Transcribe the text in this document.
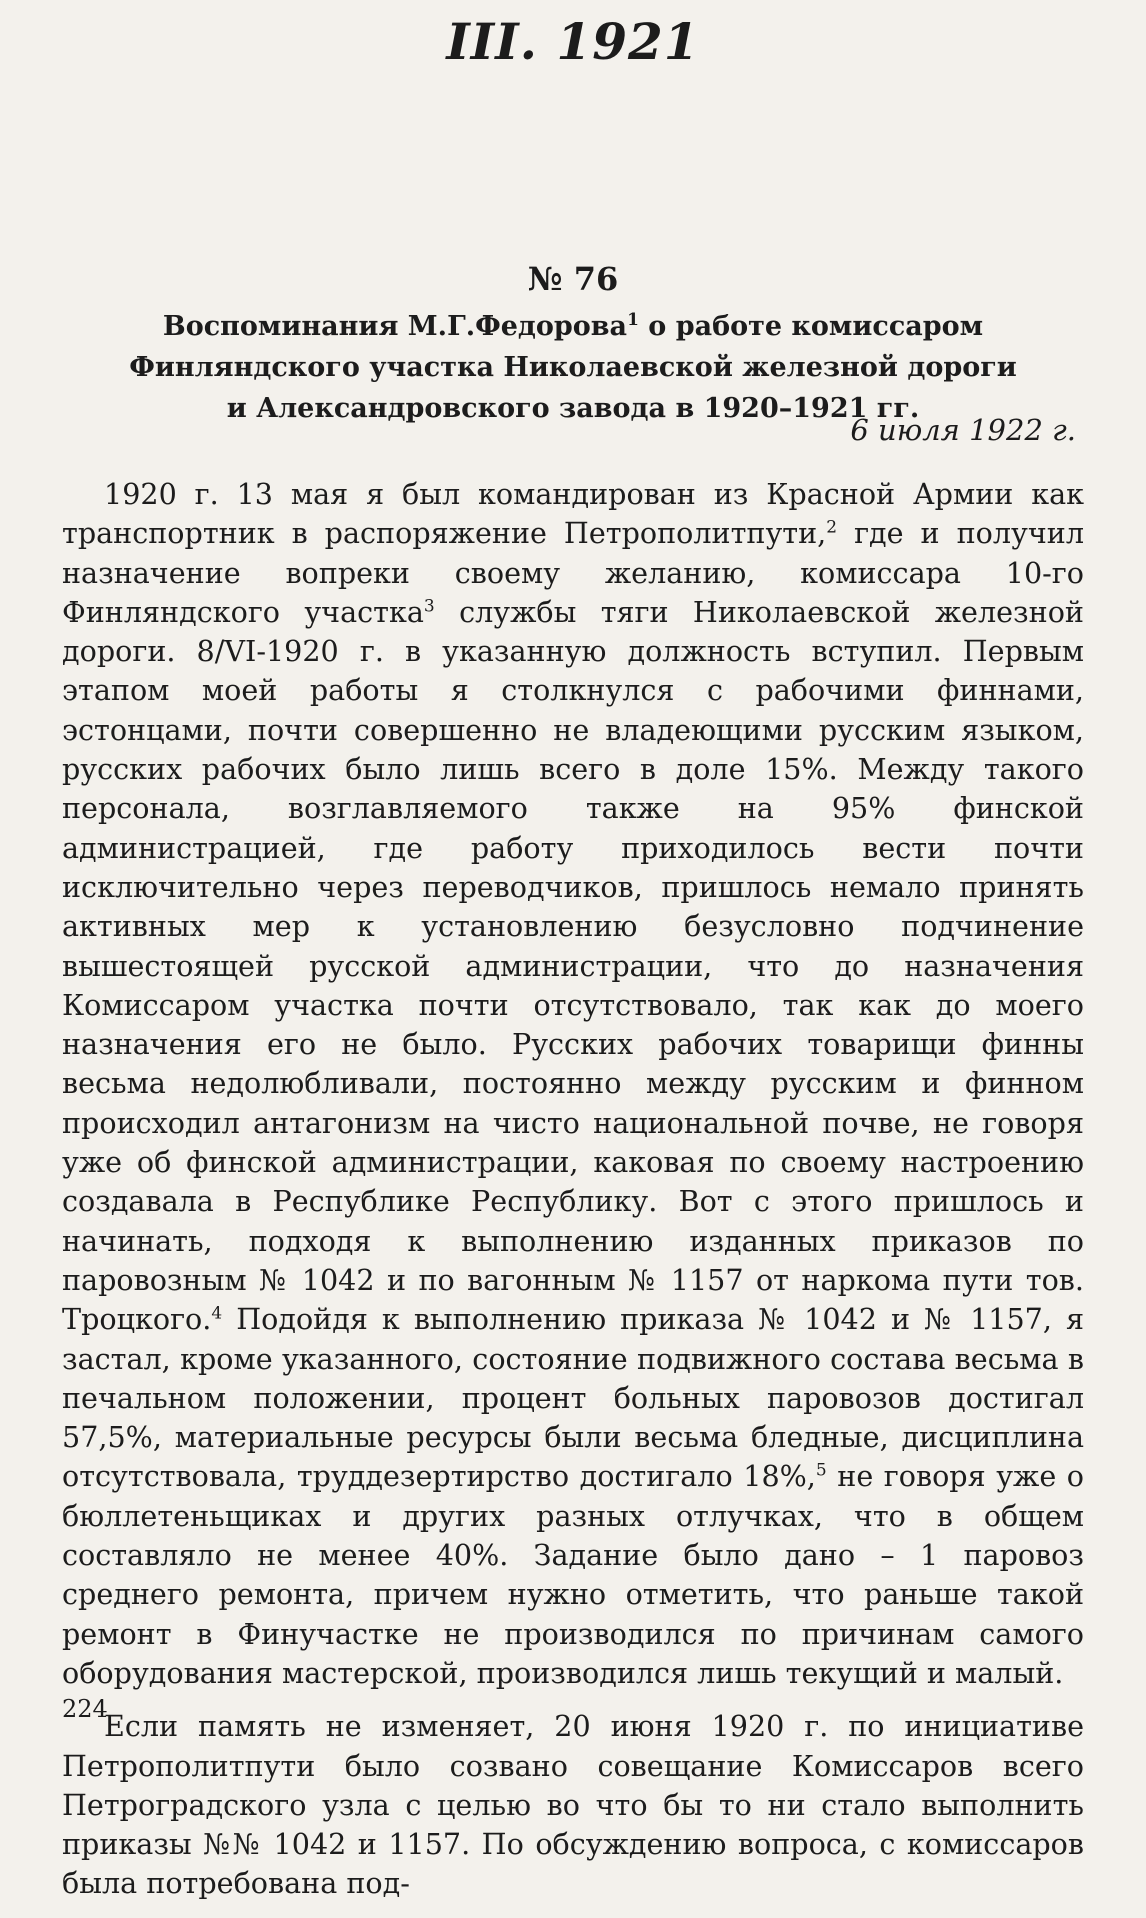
III. 1921
№ 76
Воспоминания М.Г.Федорова$^1$ о работе комиссаром Финляндского участка Николаевской железной дороги и Александровского завода в 1920–1921 гг.
6 июля 1922 г.

1920 г. 13 мая я был командирован из Красной Армии как транспортник в распоряжение Петрополитпути,$^2$ где и получил назначение вопреки своему желанию, комиссара 10-го Финляндского участка$^3$ службы тяги Николаевской железной дороги. 8/VI-1920 г. в указанную должность вступил. Первым этапом моей работы я столкнулся с рабочими финнами, эстонцами, почти совершенно не владеющими русским языком, русских рабочих было лишь всего в доле 15%. Между такого персонала, возглавляемого также на 95% финской администрацией, где работу приходилось вести почти исключительно через переводчиков, пришлось немало принять активных мер к установлению безусловно подчинение вышестоящей русской администрации, что до назначения Комиссаром участка почти отсутствовало, так как до моего назначения его не было. Русских рабочих товарищи финны весьма недолюбливали, постоянно между русским и финном происходил антагонизм на чисто национальной почве, не говоря уже об финской администрации, каковая по своему настроению создавала в Республике Республику. Вот с этого пришлось и начинать, подходя к выполнению изданных приказов по паровозным № 1042 и по вагонным № 1157 от наркома пути тов. Троцкого.$^4$ Подойдя к выполнению приказа № 1042 и № 1157, я застал, кроме указанного, состояние подвижного состава весьма в печальном положении, процент больных паровозов достигал 57,5%, материальные ресурсы были весьма бледные, дисциплина отсутствовала, труддезертирство достигало 18%,$^5$ не говоря уже о бюллетеньщиках и других разных отлучках, что в общем составляло не менее 40%. Задание было дано – 1 паровоз среднего ремонта, причем нужно отметить, что раньше такой ремонт в Финучастке не производился по причинам самого оборудования мастерской, производился лишь текущий и малый.

Если память не изменяет, 20 июня 1920 г. по инициативе Петрополитпути было созвано совещание Комиссаров всего Петроградского узла с целью во что бы то ни стало выполнить приказы №№ 1042 и 1157. По обсуждению вопроса, с комиссаров была потребована под-

224
